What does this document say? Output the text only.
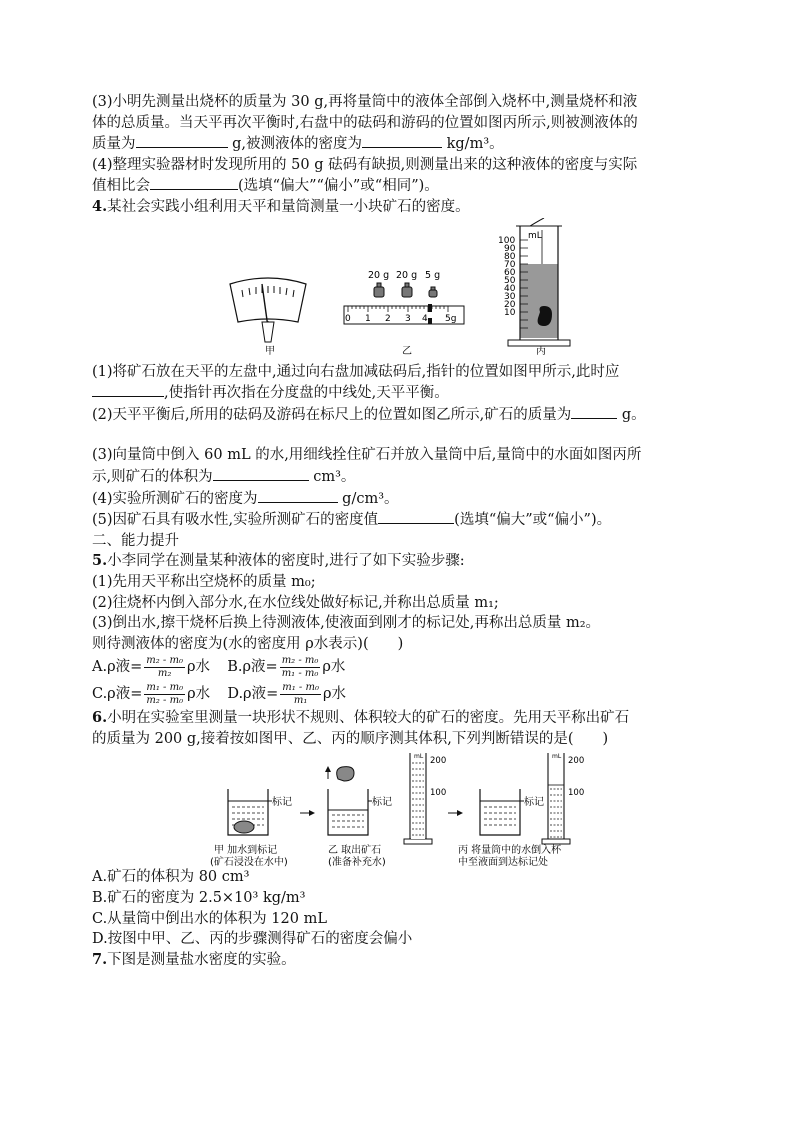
(3)小明先测量出烧杯的质量为 30 g,再将量筒中的液体全部倒入烧杯中,测量烧杯和液
体的总质量。当天平再次平衡时,右盘中的砝码和游码的位置如图丙所示,则被测液体的
质量为	g,被测液体的密度为	kg/m³。
(4)整理实验器材时发现所用的 50 g 砝码有缺损,则测量出来的这种液体的密度与实际
值相比会	(选填“偏大”“偏小”或“相同”)。
4.某社会实践小组利用天平和量筒测量一小块矿石的密度。
甲
20 g 20 g 5 g
0 1 2 3 4 5g
乙
mL
100
90
80
70
60
50
40
30
20
10
丙
(1)将矿石放在天平的左盘中,通过向右盘加减砝码后,指针的位置如图甲所示,此时应
,使指针再次指在分度盘的中线处,天平平衡。
(2)天平平衡后,所用的砝码及游码在标尺上的位置如图乙所示,矿石的质量为	g。
(3)向量筒中倒入 60 mL 的水,用细线拴住矿石并放入量筒中后,量筒中的水面如图丙所
示,则矿石的体积为	cm³。
(4)实验所测矿石的密度为	g/cm³。
(5)因矿石具有吸水性,实验所测矿石的密度值	(选填“偏大”或“偏小”)。
二、能力提升
5.小李同学在测量某种液体的密度时,进行了如下实验步骤:
(1)先用天平称出空烧杯的质量 m₀;
(2)往烧杯内倒入部分水,在水位线处做好标记,并称出总质量 m₁;
(3)倒出水,擦干烧杯后换上待测液体,使液面到刚才的标记处,再称出总质量 m₂。
则待测液体的密度为(水的密度用 ρ水表示)(　　)
A.ρ液= $\frac{\text{m₂ - m₀}}{\text{m₂}}$ ρ水 B.ρ液= $\frac{\text{m₂ - m₀}}{\text{m₁ - m₀}}$ ρ水
C.ρ液= $\frac{\text{m₁ - m₀}}{\text{m₂ - m₀}}$ ρ水 D.ρ液= $\frac{\text{m₁ - m₀}}{\text{m₁}}$ ρ水
6.小明在实验室里测量一块形状不规则、体积较大的矿石的密度。先用天平称出矿石
的质量为 200 g,接着按如图甲、乙、丙的顺序测其体积,下列判断错误的是(　　)
标记	标记
mL 200
100
标记
mL 200
100
甲 加水到标记
(矿石浸没在水中)
乙 取出矿石
(准备补充水)
丙 将量筒中的水倒入杯
中至液面到达标记处
A.矿石的体积为 80 cm³
B.矿石的密度为 2.5×10³ kg/m³
C.从量筒中倒出水的体积为 120 mL
D.按图中甲、乙、丙的步骤测得矿石的密度会偏小
7.下图是测量盐水密度的实验。
